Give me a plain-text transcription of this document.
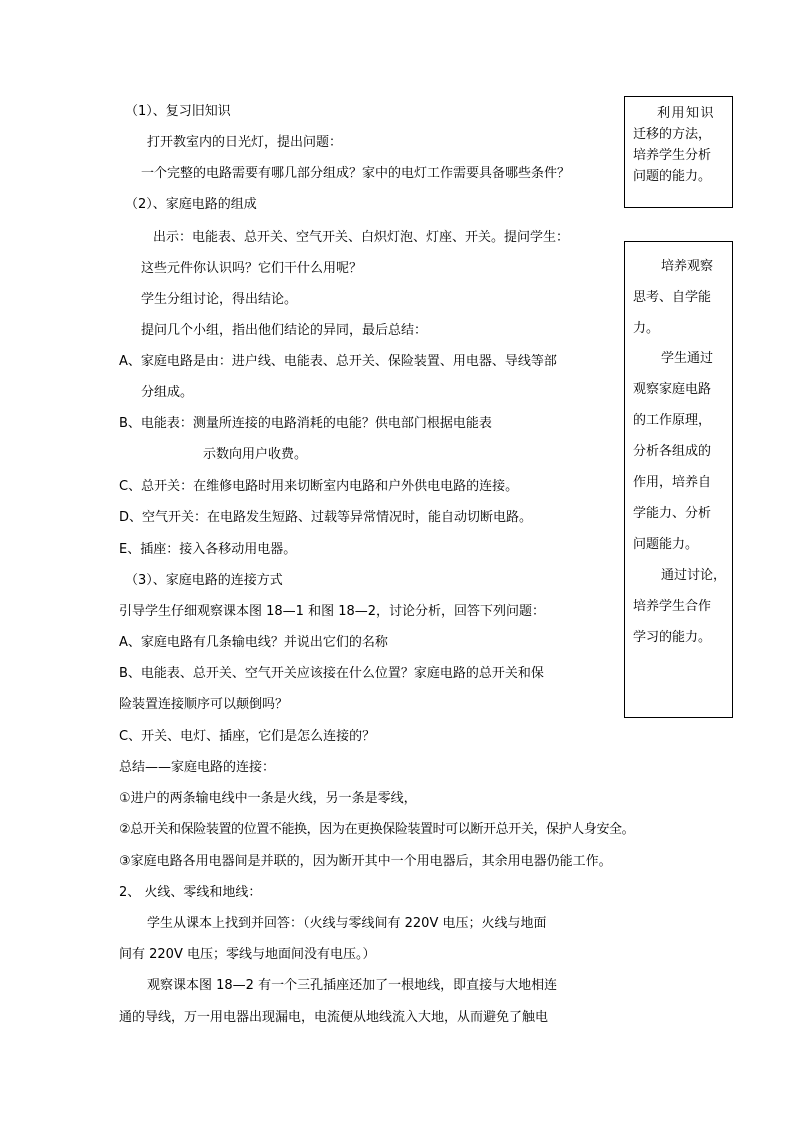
（1）、复习旧知识
打开教室内的日光灯，提出问题：
一个完整的电路需要有哪几部分组成？家中的电灯工作需要具备哪些条件？
（2）、家庭电路的组成
出示：电能表、总开关、空气开关、白炽灯泡、灯座、开关。提问学生：
这些元件你认识吗？它们干什么用呢？
学生分组讨论，得出结论。
提问几个小组，指出他们结论的异同，最后总结：
A、家庭电路是由：进户线、电能表、总开关、保险装置、用电器、导线等部
分组成。
B、电能表：测量所连接的电路消耗的电能？供电部门根据电能表
示数向用户收费。
C、总开关：在维修电路时用来切断室内电路和户外供电电路的连接。
D、空气开关：在电路发生短路、过载等异常情况时，能自动切断电路。
E、插座：接入各移动用电器。
（3）、家庭电路的连接方式
引导学生仔细观察课本图 18—1 和图 18—2，讨论分析，回答下列问题：
A、家庭电路有几条输电线？并说出它们的名称
B、电能表、总开关、空气开关应该接在什么位置？家庭电路的总开关和保
险装置连接顺序可以颠倒吗？
C、开关、电灯、插座，它们是怎么连接的？
总结——家庭电路的连接：
①进户的两条输电线中一条是火线，另一条是零线，
②总开关和保险装置的位置不能换，因为在更换保险装置时可以断开总开关，保护人身安全。
③家庭电路各用电器间是并联的，因为断开其中一个用电器后，其余用电器仍能工作。
2、 火线、零线和地线：
学生从课本上找到并回答：（火线与零线间有 220V 电压；火线与地面
间有 220V 电压；零线与地面间没有电压。）
观察课本图 18—2 有一个三孔插座还加了一根地线，即直接与大地相连
通的导线，万一用电器出现漏电，电流便从地线流入大地，从而避免了触电
利用知识
迁移的方法，
培养学生分析
问题的能力。
培养观察
思考、自学能
力。
学生通过
观察家庭电路
的工作原理，
分析各组成的
作用，培养自
学能力、分析
问题能力。
通过讨论，
培养学生合作
学习的能力。
